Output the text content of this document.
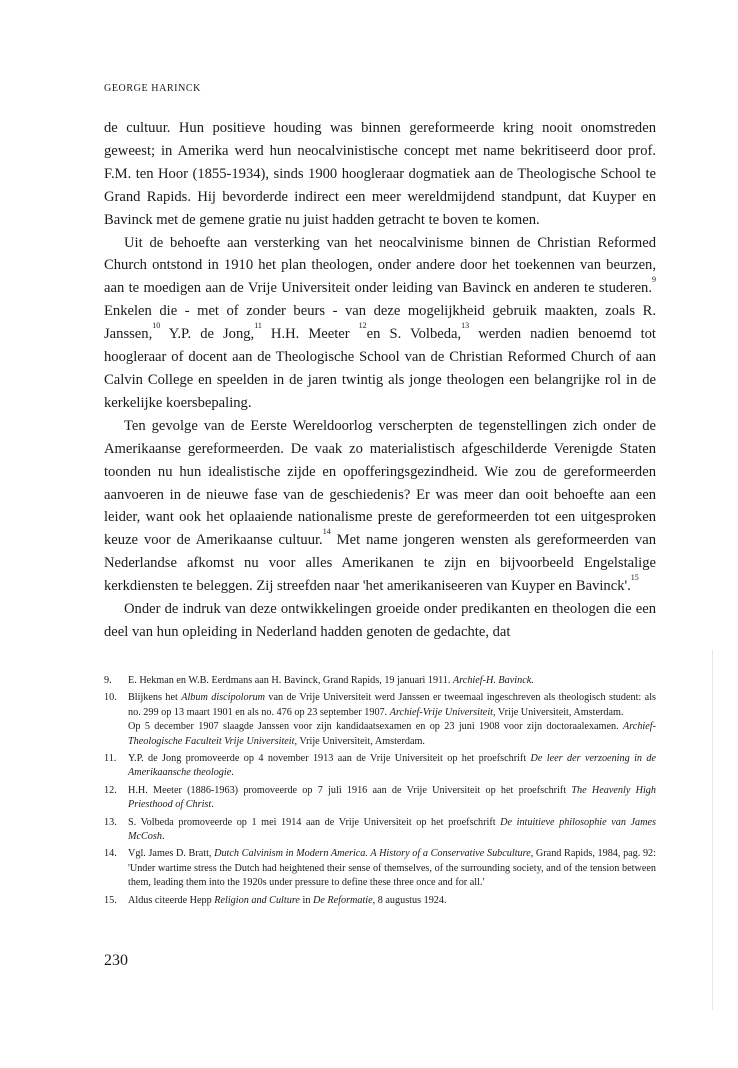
GEORGE HARINCK

de cultuur. Hun positieve houding was binnen gereformeerde kring nooit onomstreden geweest; in Amerika werd hun neocalvinistische concept met name bekritiseerd door prof. F.M. ten Hoor (1855-1934), sinds 1900 hoogleraar dogmatiek aan de Theologische School te Grand Rapids. Hij bevorderde indirect een meer wereldmijdend standpunt, dat Kuyper en Bavinck met de gemene gratie nu juist hadden getracht te boven te komen.

Uit de behoefte aan versterking van het neocalvinisme binnen de Christian Reformed Church ontstond in 1910 het plan theologen, onder andere door het toekennen van beurzen, aan te moedigen aan de Vrije Universiteit onder leiding van Bavinck en anderen te studeren.$^9$ Enkelen die - met of zonder beurs - van deze mogelijkheid gebruik maakten, zoals R. Janssen,$^{10}$ Y.P. de Jong,$^{11}$ H.H. Meeter $^{12}$en S. Volbeda,$^{13}$ werden nadien benoemd tot hoogleraar of docent aan de Theologische School van de Christian Reformed Church of aan Calvin College en speelden in de jaren twintig als jonge theologen een belangrijke rol in de kerkelijke koersbepaling.

Ten gevolge van de Eerste Wereldoorlog verscherpten de tegenstellingen zich onder de Amerikaanse gereformeerden. De vaak zo materialistisch afgeschilderde Verenigde Staten toonden nu hun idealistische zijde en opofferingsgezindheid. Wie zou de gereformeerden aanvoeren in de nieuwe fase van de geschiedenis? Er was meer dan ooit behoefte aan een leider, want ook het oplaaiende nationalisme preste de gereformeerden tot een uitgesproken keuze voor de Amerikaanse cultuur.$^{14}$ Met name jongeren wensten als gereformeerden van Nederlandse afkomst nu voor alles Amerikanen te zijn en bijvoorbeeld Engelstalige kerkdiensten te beleggen. Zij streefden naar 'het amerikaniseeren van Kuyper en Bavinck'.$^{15}$

Onder de indruk van deze ontwikkelingen groeide onder predikanten en theologen die een deel van hun opleiding in Nederland hadden genoten de gedachte, dat

9.	E. Hekman en W.B. Eerdmans aan H. Bavinck, Grand Rapids, 19 januari 1911. Archief-H. Bavinck.
10.	Blijkens het Album discipolorum van de Vrije Universiteit werd Janssen er tweemaal ingeschreven als theologisch student: als no. 299 op 13 maart 1901 en als no. 476 op 23 september 1907. Archief-Vrije Universiteit, Vrije Universiteit, Amsterdam.
Op 5 december 1907 slaagde Janssen voor zijn kandidaatsexamen en op 23 juni 1908 voor zijn doctoraalexamen. Archief-Theologische Faculteit Vrije Universiteit, Vrije Universiteit, Amsterdam.
11.	Y.P. de Jong promoveerde op 4 november 1913 aan de Vrije Universiteit op het proefschrift De leer der verzoening in de Amerikaansche theologie.
12.	H.H. Meeter (1886-1963) promoveerde op 7 juli 1916 aan de Vrije Universiteit op het proefschrift The Heavenly High Priesthood of Christ.
13.	S. Volbeda promoveerde op 1 mei 1914 aan de Vrije Universiteit op het proefschrift De intuitieve philosophie van James McCosh.
14.	Vgl. James D. Bratt, Dutch Calvinism in Modern America. A History of a Conservative Subculture, Grand Rapids, 1984, pag. 92: 'Under wartime stress the Dutch had heightened their sense of themselves, of the surrounding society, and of the tension between them, leading them into the 1920s under pressure to define these three once and for all.'
15.	Aldus citeerde Hepp Religion and Culture in De Reformatie, 8 augustus 1924.
230
